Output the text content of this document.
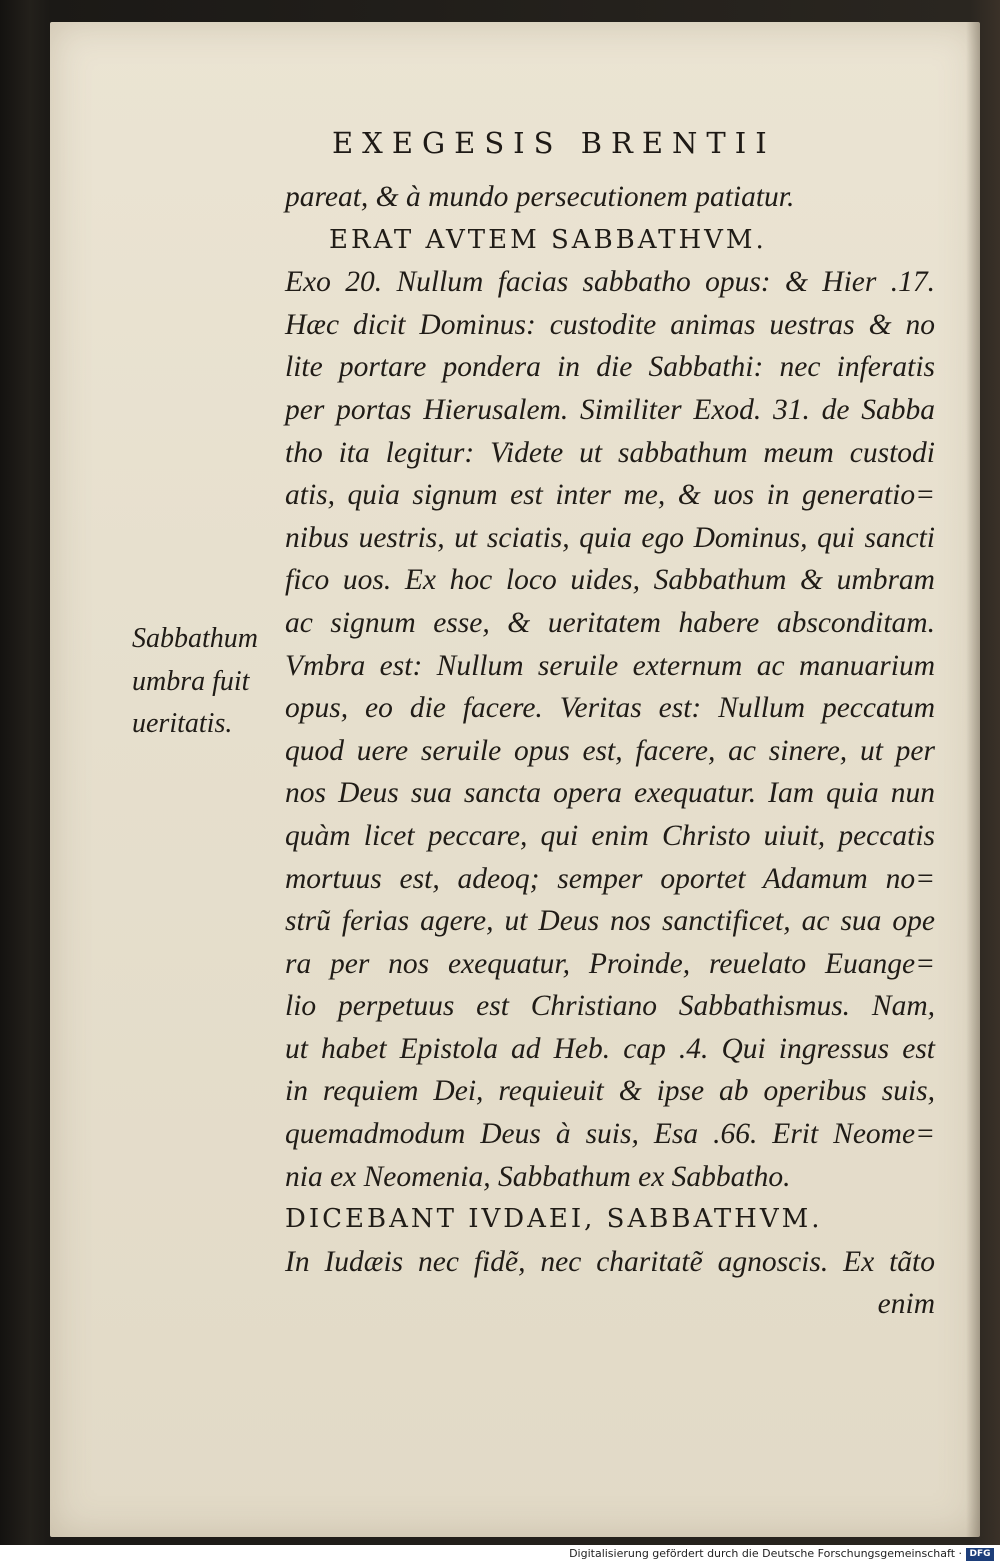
EXEGESIS BRENTII
Sabbathum
umbra fuit
ueritatis.
pareat, & à mundo persecutionem patiatur.
ERAT AVTEM SABBATHVM.
Exo 20. Nullum facias sabbatho opus: & Hier .17.
Hæc dicit Dominus: custodite animas uestras & no
lite portare pondera in die Sabbathi: nec inferatis
per portas Hierusalem. Similiter Exod. 31. de Sabba
tho ita legitur: Videte ut sabbathum meum custodi
atis, quia signum est inter me, & uos in generatio=
nibus uestris, ut sciatis, quia ego Dominus, qui sancti
fico uos. Ex hoc loco uides, Sabbathum & umbram
ac signum esse, & ueritatem habere absconditam.
Vmbra est: Nullum seruile externum ac manuarium
opus, eo die facere. Veritas est: Nullum peccatum
quod uere seruile opus est, facere, ac sinere, ut per
nos Deus sua sancta opera exequatur. Iam quia nun
quàm licet peccare, qui enim Christo uiuit, peccatis
mortuus est, adeoq; semper oportet Adamum no=
strũ ferias agere, ut Deus nos sanctificet, ac sua ope
ra per nos exequatur, Proinde, reuelato Euange=
lio perpetuus est Christiano Sabbathismus. Nam,
ut habet Epistola ad Heb. cap .4. Qui ingressus est
in requiem Dei, requieuit & ipse ab operibus suis,
quemadmodum Deus à suis, Esa .66. Erit Neome=
nia ex Neomenia, Sabbathum ex Sabbatho.
DICEBANT IVDAEI, SABBATHVM.
In Iudæis nec fidẽ, nec charitatẽ agnoscis. Ex tãto
enim
Digitalisierung gefördert durch die Deutsche Forschungsgemeinschaft · DFG
